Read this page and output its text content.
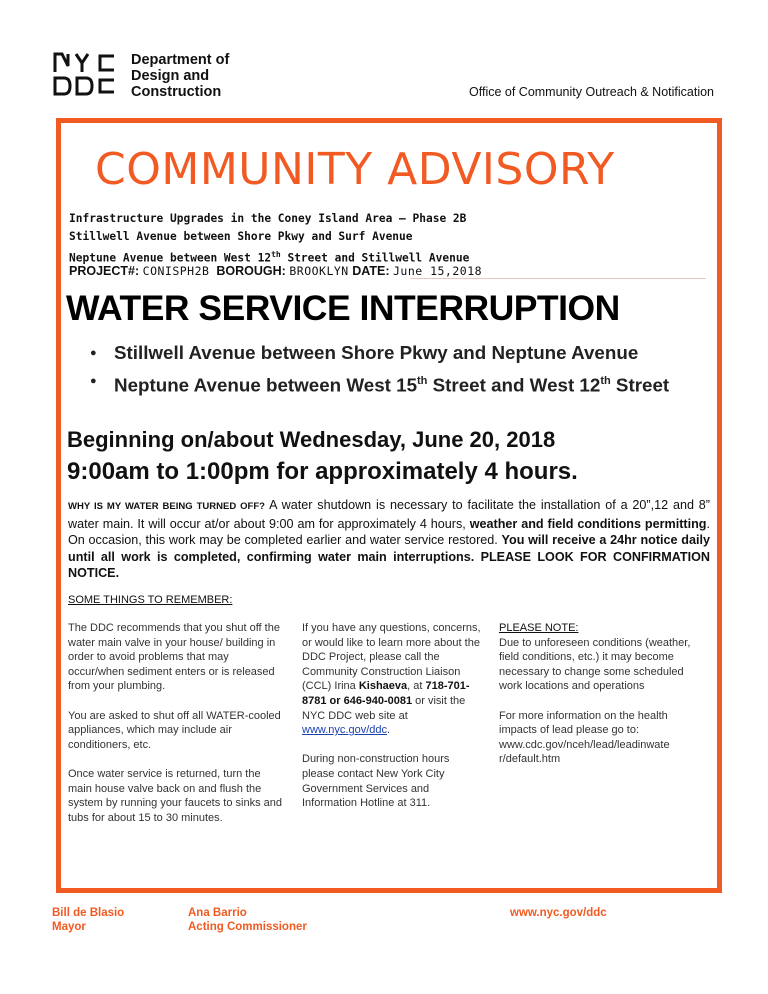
Department of
Design and
Construction	Office of Community Outreach & Notification
COMMUNITY ADVISORY
Infrastructure Upgrades in the Coney Island Area – Phase 2B
Stillwell Avenue between Shore Pkwy and Surf Avenue
Neptune Avenue between West 12th Street and Stillwell Avenue
PROJECT#: CONISPH2B BOROUGH: BROOKLYN DATE: June 15,2018
WATER SERVICE INTERRUPTION
● Stillwell Avenue between Shore Pkwy and Neptune Avenue
● Neptune Avenue between West 15th Street and West 12th Street
Beginning on/about Wednesday, June 20, 2018
9:00am to 1:00pm for approximately 4 hours.
WHY IS MY WATER BEING TURNED OFF? A water shutdown is necessary to facilitate the installation of a 20”,12 and 8” water main. It will occur at/or about 9:00 am for approximately 4 hours, weather and field conditions permitting. On occasion, this work may be completed earlier and water service restored. You will receive a 24hr notice daily until all work is completed, confirming water main interruptions. PLEASE LOOK FOR CONFIRMATION NOTICE.
SOME THINGS TO REMEMBER:

The DDC recommends that you shut off the water main valve in your house/ building in order to avoid problems that may occur/when sediment enters or is released from your plumbing.

You are asked to shut off all WATER-cooled appliances, which may include air conditioners, etc.

Once water service is returned, turn the main house valve back on and flush the system by running your faucets to sinks and tubs for about 15 to 30 minutes.

If you have any questions, concerns, or would like to learn more about the DDC Project, please call the Community Construction Liaison (CCL) Irina Kishaeva, at 718-701-8781 or 646-940-0081 or visit the NYC DDC web site at www.nyc.gov/ddc.

During non-construction hours please contact New York City Government Services and Information Hotline at 311.

PLEASE NOTE:

Due to unforeseen conditions (weather, field conditions, etc.) it may become necessary to change some scheduled work locations and operations

For more information on the health impacts of lead please go to: www.cdc.gov/nceh/lead/leadinwate r/default.htm

Bill de Blasio
Mayor
Ana Barrio
Acting Commissioner
www.nyc.gov/ddc
